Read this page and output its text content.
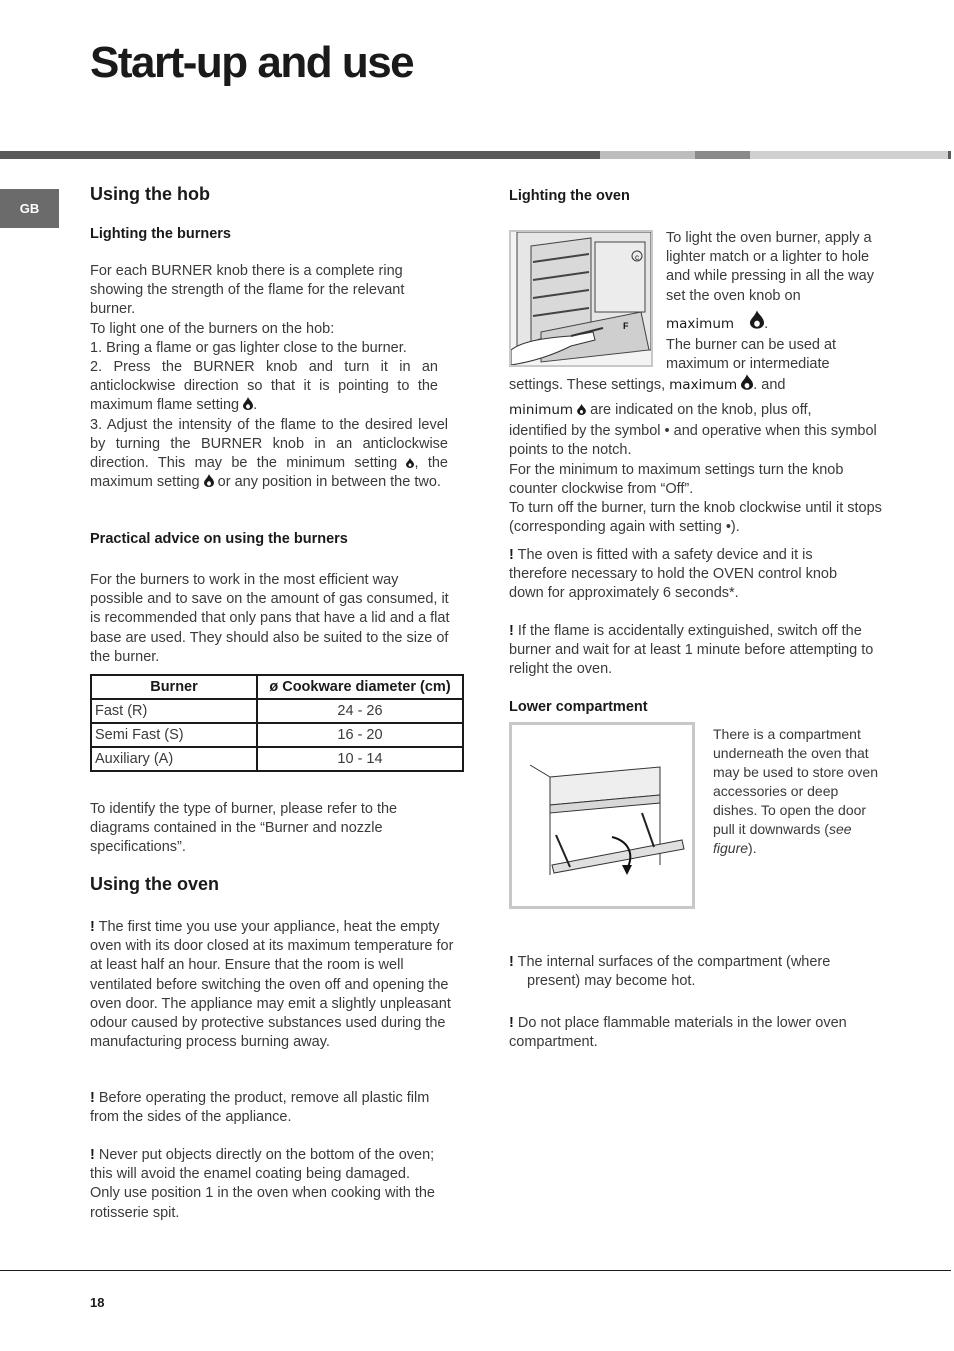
Start-up and use
GB
Using the hob
Lighting the burners

For each BURNER knob there is a complete ring showing the strength of the flame for the relevant burner.

To light one of the burners on the hob:

1. Bring a flame or gas lighter close to the burner.

2. Press the BURNER knob and turn it in an anticlockwise direction so that it is pointing to the maximum flame setting .

3. Adjust the intensity of the flame to the desired level by turning the BURNER knob in an anticlockwise direction. This may be the minimum setting , the maximum setting or any position in between the two.

Practical advice on using the burners

For the burners to work in the most efficient way possible and to save on the amount of gas consumed, it is recommended that only pans that have a lid and a flat base are used. They should also be suited to the size of the burner.

Burner	ø Cookware diameter (cm)
Fast (R)	24 - 26
Semi Fast (S)	16 - 20
Auxiliary (A)	10 - 14

To identify the type of burner, please refer to the diagrams contained in the “Burner and nozzle specifications”.

Using the oven

! The first time you use your appliance, heat the empty oven with its door closed at its maximum temperature for at least half an hour. Ensure that the room is well ventilated before switching the oven off and opening the oven door. The appliance may emit a slightly unpleasant odour caused by protective substances used during the manufacturing process burning away.

! Before operating the product, remove all plastic film from the sides of the appliance.

! Never put objects directly on the bottom of the oven; this will avoid the enamel coating being damaged. Only use position 1 in the oven when cooking with the rotisserie spit.

Lighting the oven
c
F

To light the oven burner, apply a lighter match or a lighter to hole and while pressing in all the way set the oven knob on

maximum .

The burner can be used at maximum or intermediate

settings. These settings, maximum . and

minimum are indicated on the knob, plus off,

identified by the symbol • and operative when this symbol points to the notch.

For the minimum to maximum settings turn the knob counter clockwise from “Off”.

To turn off the burner, turn the knob clockwise until it stops (corresponding again with setting •).

! The oven is fitted with a safety device and it is therefore necessary to hold the OVEN control knob down for approximately 6 seconds*.

! If the flame is accidentally extinguished, switch off the burner and wait for at least 1 minute before attempting to relight the oven.

Lower compartment

There is a compartment underneath the oven that may be used to store oven accessories or deep dishes. To open the door pull it downwards (see figure).

! The internal surfaces of the compartment (where present) may become hot.

! Do not place flammable materials in the lower oven compartment.

18
